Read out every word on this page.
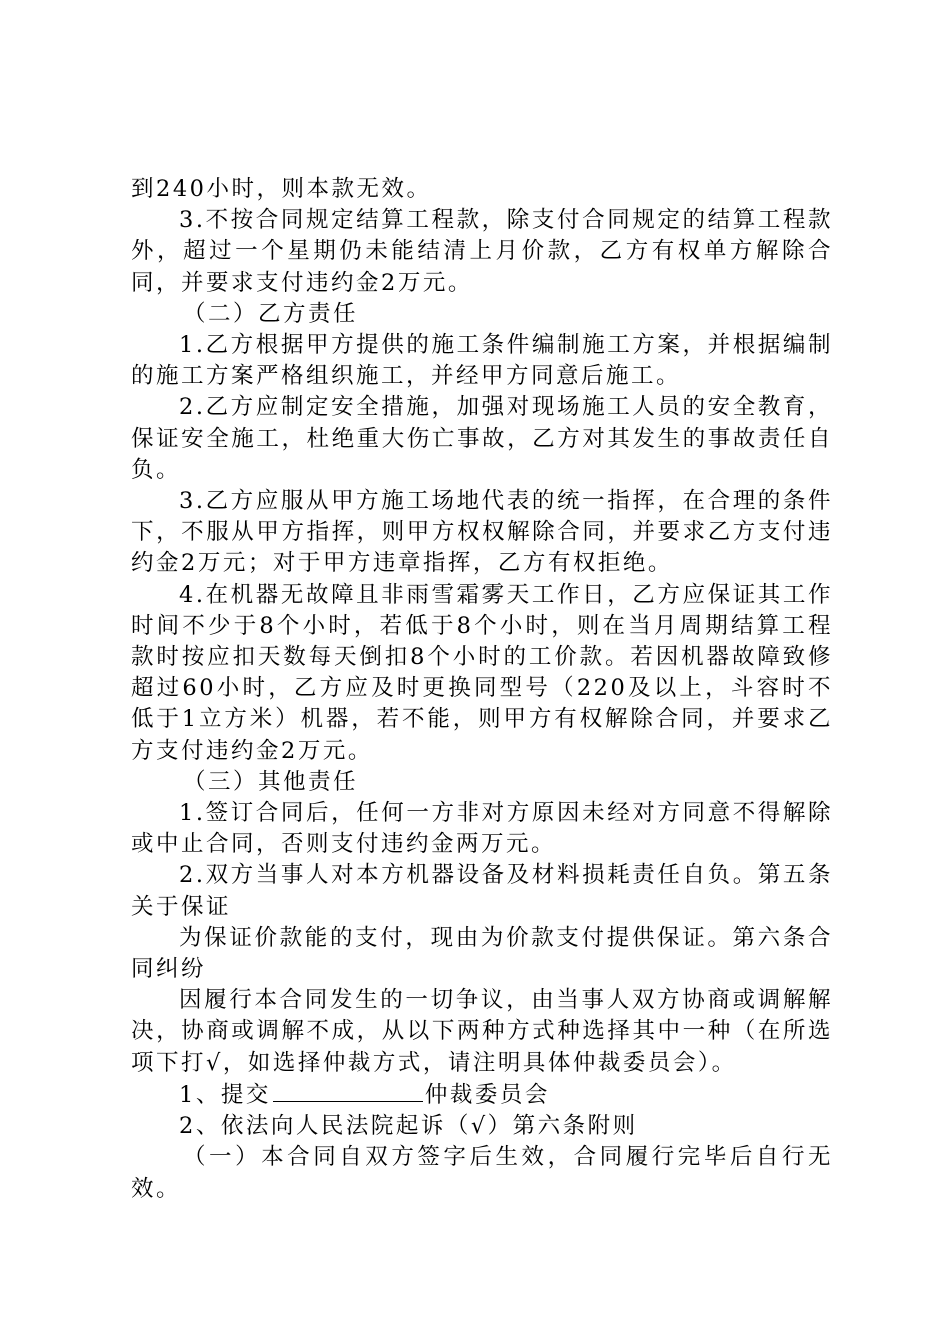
到240小时，则本款无效。

3.不按合同规定结算工程款，除支付合同规定的结算工程款外，超过一个星期仍未能结清上月价款，乙方有权单方解除合同，并要求支付违约金2万元。

（二）乙方责任

1.乙方根据甲方提供的施工条件编制施工方案，并根据编制的施工方案严格组织施工，并经甲方同意后施工。

2.乙方应制定安全措施，加强对现场施工人员的安全教育，保证安全施工，杜绝重大伤亡事故，乙方对其发生的事故责任自负。

3.乙方应服从甲方施工场地代表的统一指挥，在合理的条件下，不服从甲方指挥，则甲方权权解除合同，并要求乙方支付违约金2万元；对于甲方违章指挥，乙方有权拒绝。

4.在机器无故障且非雨雪霜雾天工作日，乙方应保证其工作时间不少于8个小时，若低于8个小时，则在当月周期结算工程款时按应扣天数每天倒扣8个小时的工价款。若因机器故障致修超过60小时，乙方应及时更换同型号（220及以上，斗容时不低于1立方米）机器，若不能，则甲方有权解除合同，并要求乙方支付违约金2万元。

（三）其他责任

1.签订合同后，任何一方非对方原因未经对方同意不得解除或中止合同，否则支付违约金两万元。

2.双方当事人对本方机器设备及材料损耗责任自负。第五条关于保证

为保证价款能的支付，现由为价款支付提供保证。第六条合同纠纷

因履行本合同发生的一切争议，由当事人双方协商或调解解决，协商或调解不成，从以下两种方式种选择其中一种（在所选项下打√，如选择仲裁方式，请注明具体仲裁委员会）。

1、提交	仲裁委员会

2、依法向人民法院起诉（√）第六条附则

（一）本合同自双方签字后生效，合同履行完毕后自行无效。
